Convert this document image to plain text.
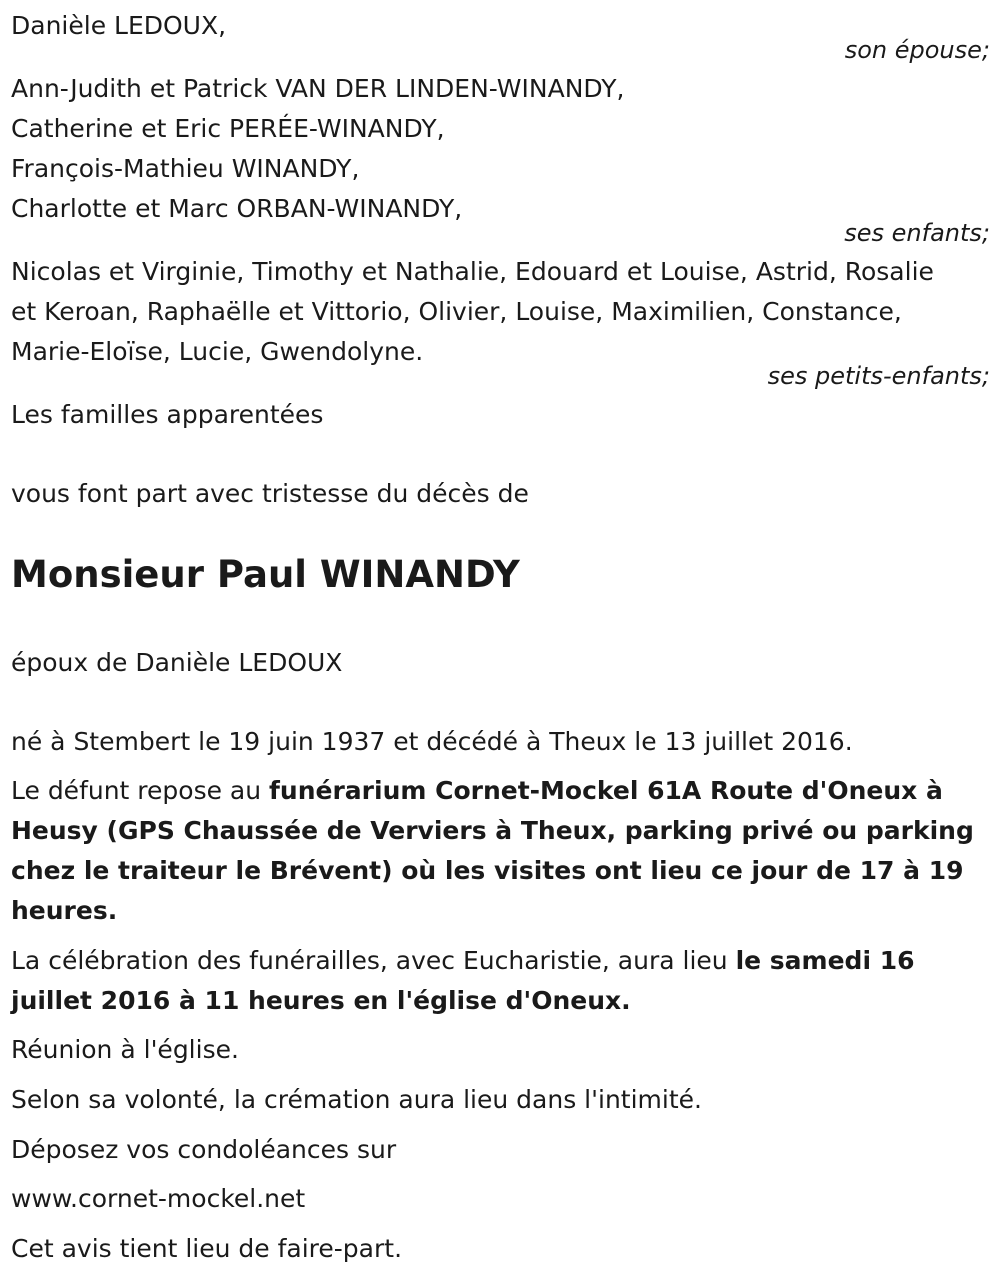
Danièle LEDOUX,
son épouse;
Ann-Judith et Patrick VAN DER LINDEN-WINANDY,
Catherine et Eric PERÉE-WINANDY,
François-Mathieu WINANDY,
Charlotte et Marc ORBAN-WINANDY,
ses enfants;
Nicolas et Virginie, Timothy et Nathalie, Edouard et Louise, Astrid, Rosalie
et Keroan, Raphaëlle et Vittorio, Olivier, Louise, Maximilien, Constance,
Marie-Eloïse, Lucie, Gwendolyne.
ses petits-enfants;
Les familles apparentées
vous font part avec tristesse du décès de
Monsieur Paul WINANDY
époux de Danièle LEDOUX
né à Stembert le 19 juin 1937 et décédé à Theux le 13 juillet 2016.
Le défunt repose au funérarium Cornet-Mockel 61A Route d'Oneux à
Heusy (GPS Chaussée de Verviers à Theux, parking privé ou parking
chez le traiteur le Brévent) où les visites ont lieu ce jour de 17 à 19
heures.
La célébration des funérailles, avec Eucharistie, aura lieu le samedi 16
juillet 2016 à 11 heures en l'église d'Oneux.
Réunion à l'église.
Selon sa volonté, la crémation aura lieu dans l'intimité.
Déposez vos condoléances sur
www.cornet-mockel.net
Cet avis tient lieu de faire-part.
